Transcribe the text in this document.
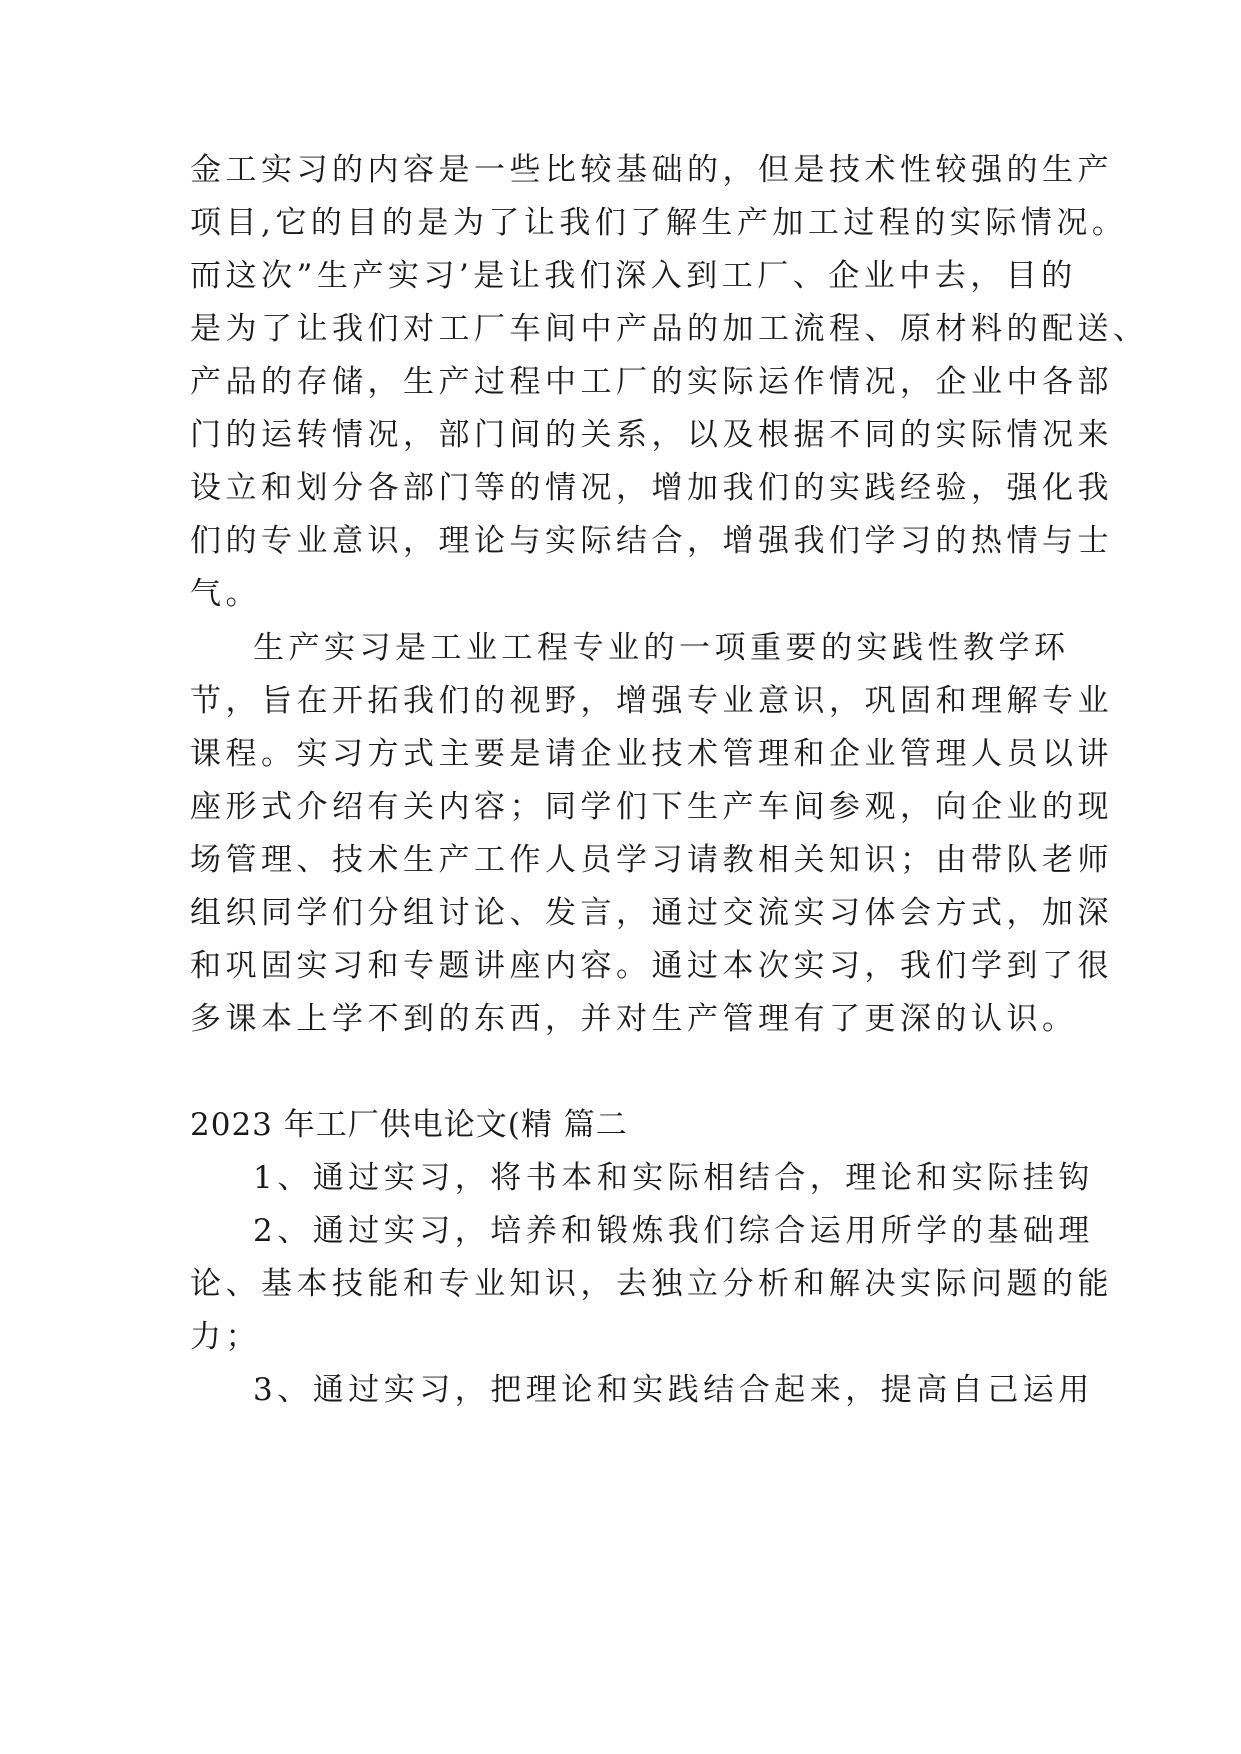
金工实习的内容是一些比较基础的，但是技术性较强的生产
项目,它的目的是为了让我们了解生产加工过程的实际情况。
而这次”生产实习’是让我们深入到工厂、企业中去，目的
是为了让我们对工厂车间中产品的加工流程、原材料的配送、
产品的存储，生产过程中工厂的实际运作情况，企业中各部
门的运转情况，部门间的关系，以及根据不同的实际情况来
设立和划分各部门等的情况，增加我们的实践经验，强化我
们的专业意识，理论与实际结合，增强我们学习的热情与士
气。
生产实习是工业工程专业的一项重要的实践性教学环
节，旨在开拓我们的视野，增强专业意识，巩固和理解专业
课程。实习方式主要是请企业技术管理和企业管理人员以讲
座形式介绍有关内容；同学们下生产车间参观，向企业的现
场管理、技术生产工作人员学习请教相关知识；由带队老师
组织同学们分组讨论、发言，通过交流实习体会方式，加深
和巩固实习和专题讲座内容。通过本次实习，我们学到了很
多课本上学不到的东西，并对生产管理有了更深的认识。
2023 年工厂供电论文(精 篇二
1、通过实习，将书本和实际相结合，理论和实际挂钩
2、通过实习，培养和锻炼我们综合运用所学的基础理
论、基本技能和专业知识，去独立分析和解决实际问题的能
力；
3、通过实习，把理论和实践结合起来，提高自己运用
